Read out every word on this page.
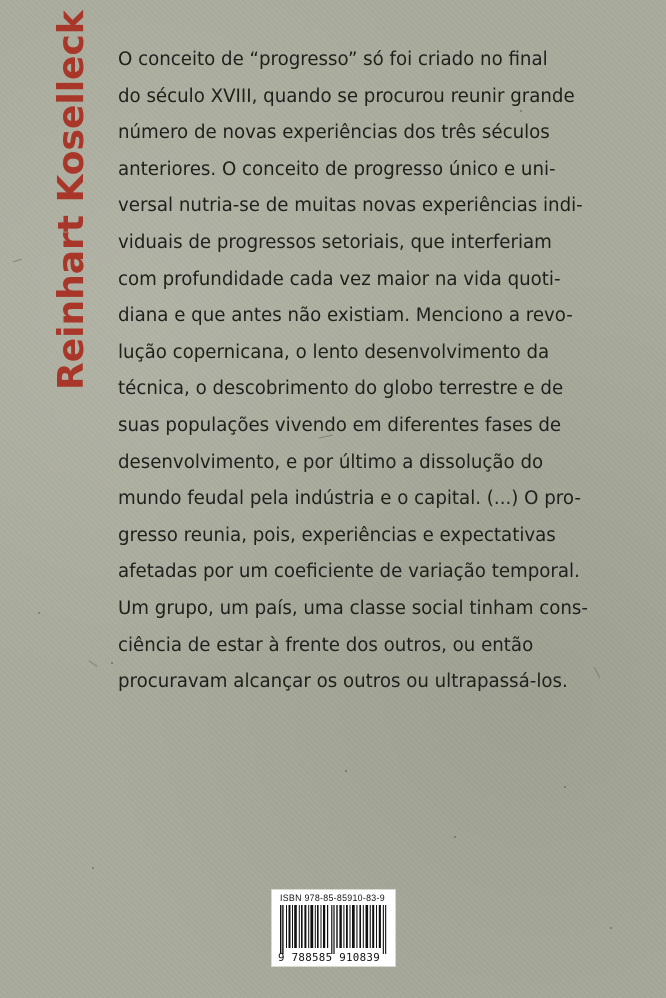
Reinhart Koselleck O conceito de “progresso” só foi criado no final
do século XVIII, quando se procurou reunir grande
número de novas experiências dos três séculos
anteriores. O conceito de progresso único e uni-
versal nutria-se de muitas novas experiências indi-
viduais de progressos setoriais, que interferiam
com profundidade cada vez maior na vida quoti-
diana e que antes não existiam. Menciono a revo-
lução copernicana, o lento desenvolvimento da
técnica, o descobrimento do globo terrestre e de
suas populações vivendo em diferentes fases de
desenvolvimento, e por último a dissolução do
mundo feudal pela indústria e o capital. (...) O pro-
gresso reunia, pois, experiências e expectativas
afetadas por um coeficiente de variação temporal.
Um grupo, um país, uma classe social tinham cons-
ciência de estar à frente dos outros, ou então
procuravam alcançar os outros ou ultrapassá-los.
ISBN 978-85-85910-83-9
9 788585 910839
